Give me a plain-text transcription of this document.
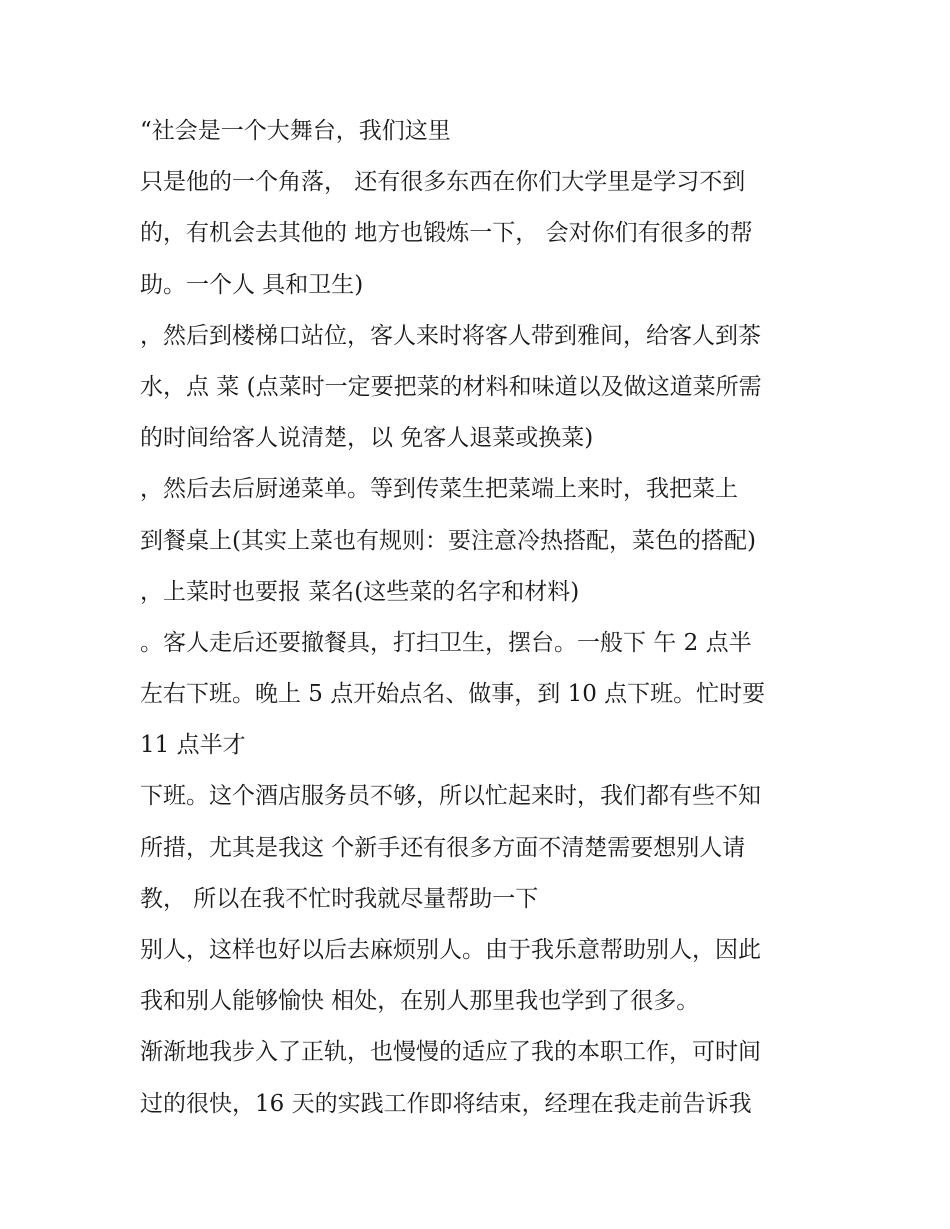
“社会是一个大舞台，我们这里
只是他的一个角落， 还有很多东西在你们大学里是学习不到
的，有机会去其他的 地方也锻炼一下， 会对你们有很多的帮
助。一个人 具和卫生)
，然后到楼梯口站位，客人来时将客人带到雅间，给客人到茶
水，点 菜 (点菜时一定要把菜的材料和味道以及做这道菜所需
的时间给客人说清楚，以 免客人退菜或换菜)
，然后去后厨递菜单。等到传菜生把菜端上来时，我把菜上
到餐桌上(其实上菜也有规则：要注意冷热搭配，菜色的搭配)
，上菜时也要报 菜名(这些菜的名字和材料)
。客人走后还要撤餐具，打扫卫生，摆台。一般下 午 2 点半
左右下班。晚上 5 点开始点名、做事，到 10 点下班。忙时要
11 点半才
下班。这个酒店服务员不够，所以忙起来时，我们都有些不知
所措，尤其是我这 个新手还有很多方面不清楚需要想别人请
教， 所以在我不忙时我就尽量帮助一下
别人，这样也好以后去麻烦别人。由于我乐意帮助别人，因此
我和别人能够愉快 相处，在别人那里我也学到了很多。
渐渐地我步入了正轨，也慢慢的适应了我的本职工作，可时间
过的很快，16 天的实践工作即将结束，经理在我走前告诉我
